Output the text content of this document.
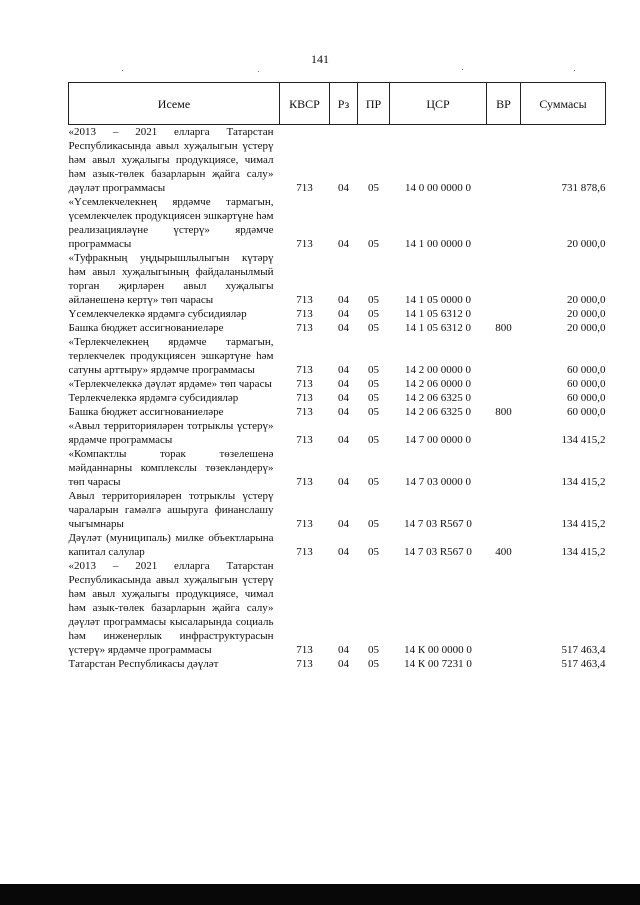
141
Исеме	КВСР	Рз	ПР	ЦСР	ВР	Суммасы
«2013 – 2021 елларга Татарстан Республикасында авыл хуҗалыгын үстерү һәм авыл хуҗалыгы продукциясе, чимал һәм азык-төлек базарларын җайга салу» дәүләт программасы	713	04	05	14 0 00 0000 0		731 878,6
«Үсемлекчелекнең ярдәмче тармагын, үсемлекчелек продукциясен эшкәртүне һәм реализацияләүне үстерү» ярдәмче программасы	713	04	05	14 1 00 0000 0		20 000,0
«Туфракның уңдырышлылыгын күтәрү һәм авыл хуҗалыгының файдаланылмый торган җирләрен авыл хуҗалыгы әйләнешенә кертү» төп чарасы	713	04	05	14 1 05 0000 0		20 000,0
Үсемлекчелеккә ярдәмгә субсидияләр	713	04	05	14 1 05 6312 0		20 000,0
Башка бюджет ассигнованиеләре	713	04	05	14 1 05 6312 0	800	20 000,0
«Терлекчелекнең ярдәмче тармагын, терлекчелек продукциясен эшкәртүне һәм сатуны арттыру» ярдәмче программасы	713	04	05	14 2 00 0000 0		60 000,0
«Терлекчелеккә дәүләт ярдәме» төп чарасы	713	04	05	14 2 06 0000 0		60 000,0
Терлекчелеккә ярдәмгә субсидияләр	713	04	05	14 2 06 6325 0		60 000,0
Башка бюджет ассигнованиеләре	713	04	05	14 2 06 6325 0	800	60 000,0
«Авыл территорияләрен тотрыклы үстерү» ярдәмче программасы	713	04	05	14 7 00 0000 0		134 415,2
«Компактлы торак төзелешенә мәйданнарны комплекслы төзекләндерү» төп чарасы	713	04	05	14 7 03 0000 0		134 415,2
Авыл территорияләрен тотрыклы үстерү чараларын гамәлгә ашыруга финанслашу чыгымнары	713	04	05	14 7 03 R567 0		134 415,2
Дәүләт (муниципаль) милке объектларына капитал салулар	713	04	05	14 7 03 R567 0	400	134 415,2
«2013 – 2021 елларга Татарстан Республикасында авыл хуҗалыгын үстерү һәм авыл хуҗалыгы продукциясе, чимал һәм азык-төлек базарларын җайга салу» дәүләт программасы кысаларында социаль һәм инженерлык инфраструктурасын үстерү» ярдәмче программасы	713	04	05	14 К 00 0000 0		517 463,4
Татарстан Республикасы дәүләт	713	04	05	14 К 00 7231 0		517 463,4
